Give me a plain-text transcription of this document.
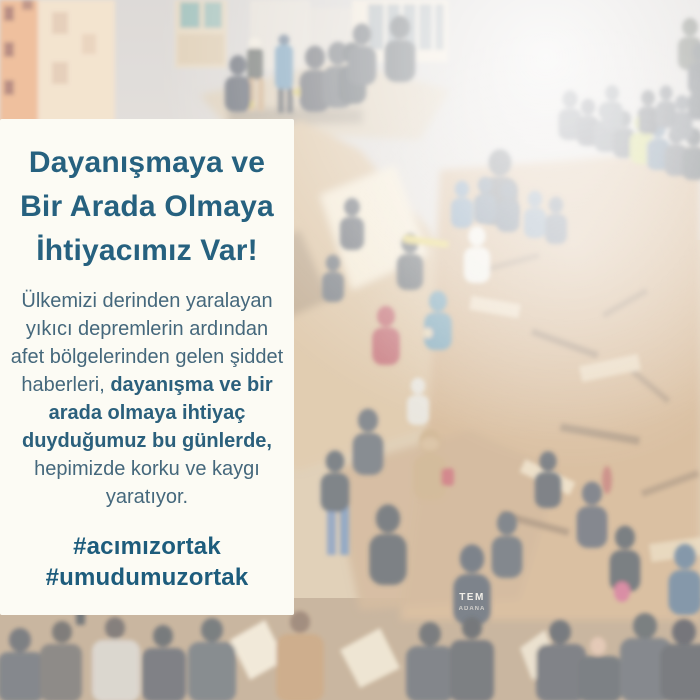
Dayanışmaya ve
Bir Arada Olmaya
İhtiyacımız Var!

Ülkemizi derinden yaralayan yıkıcı depremlerin ardından afet bölgelerinden gelen şiddet haberleri, dayanışma ve bir arada olmaya ihtiyaç duyduğumuz bu günlerde, hepimizde korku ve kaygı yaratıyor.

#acımızortak
#umudumuzortak
